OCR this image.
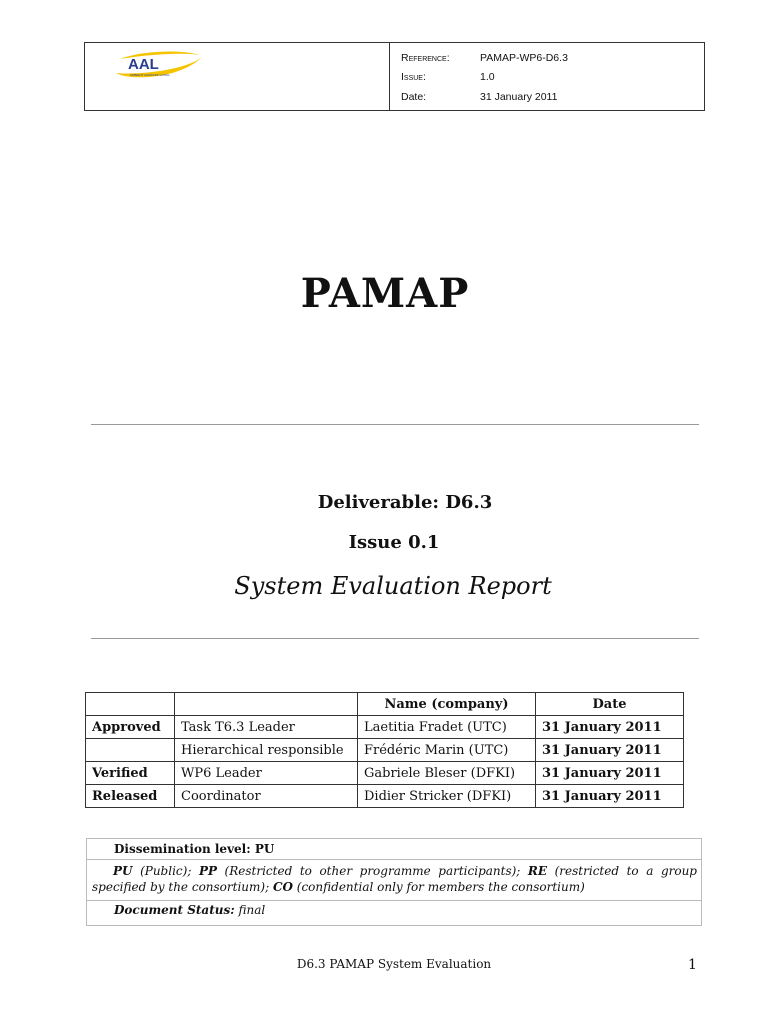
AAL
AMBIENT ASSISTED LIVING
Reference:	PAMAP-WP6-D6.3
Issue:	1.0
Date:	31 January 2011
PAMAP
Deliverable: D6.3
Issue 0.1
System Evaluation Report
		Name (company)	Date
Approved	Task T6.3 Leader	Laetitia Fradet (UTC)	31 January 2011
	Hierarchical responsible	Frédéric Marin (UTC)	31 January 2011
Verified	WP6 Leader	Gabriele Bleser (DFKI)	31 January 2011
Released	Coordinator	Didier Stricker (DFKI)	31 January 2011
Dissemination level: PU
PU (Public); PP (Restricted to other programme participants); RE (restricted to a group specified by the consortium); CO (confidential only for members the consortium)
Document Status: final
D6.3 PAMAP System Evaluation	1
